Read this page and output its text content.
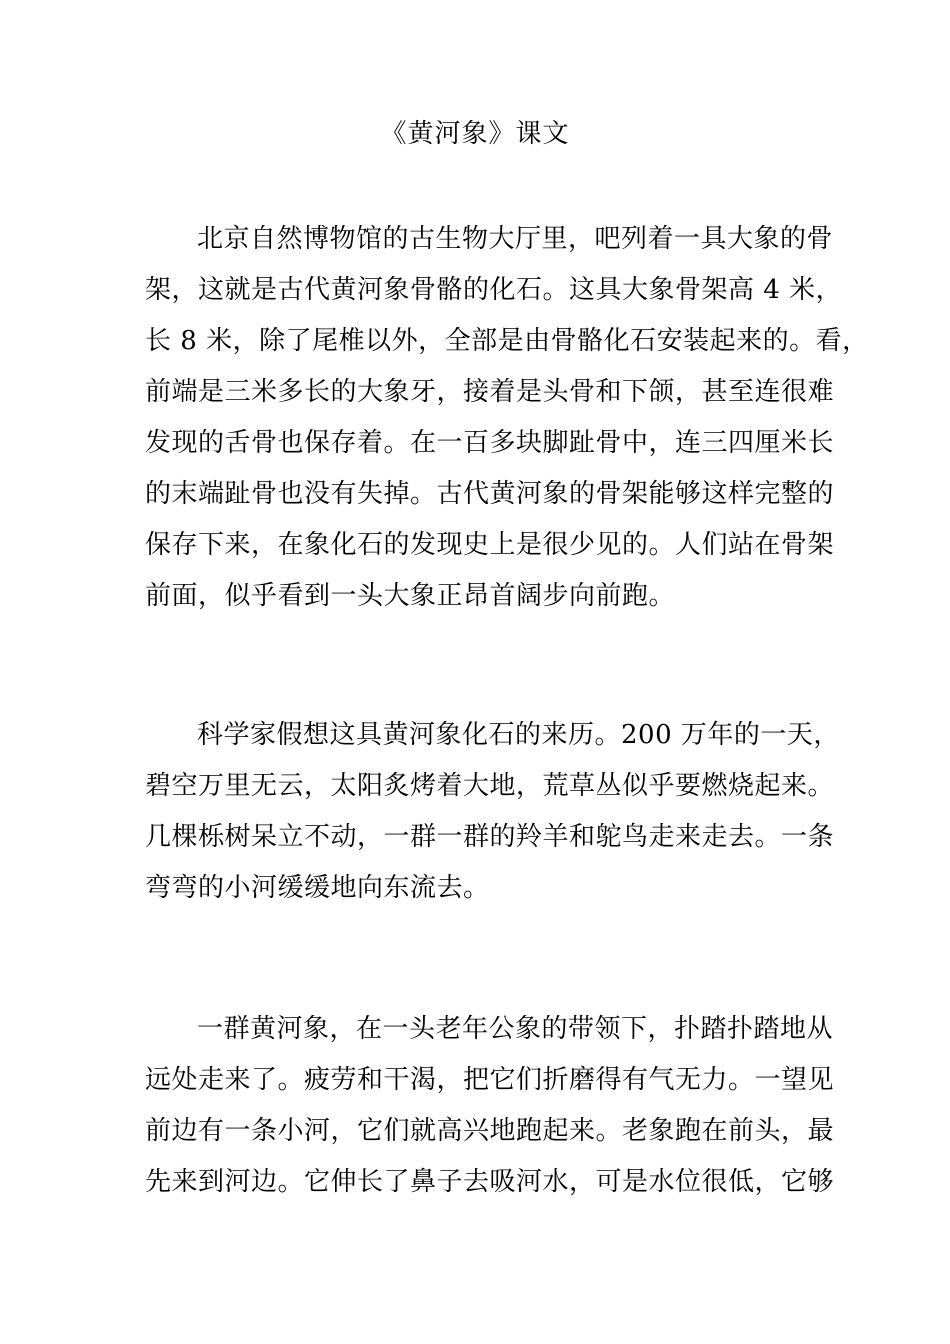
《黄河象》课文

北京自然博物馆的古生物大厅里，吧列着一具大象的骨
架，这就是古代黄河象骨骼的化石。这具大象骨架高 4 米，
长 8 米，除了尾椎以外，全部是由骨骼化石安装起来的。看，
前端是三米多长的大象牙，接着是头骨和下颌，甚至连很难
发现的舌骨也保存着。在一百多块脚趾骨中，连三四厘米长
的末端趾骨也没有失掉。古代黄河象的骨架能够这样完整的
保存下来，在象化石的发现史上是很少见的。人们站在骨架
前面，似乎看到一头大象正昂首阔步向前跑。

科学家假想这具黄河象化石的来历。200 万年的一天，
碧空万里无云，太阳炙烤着大地，荒草丛似乎要燃烧起来。
几棵栎树呆立不动，一群一群的羚羊和鸵鸟走来走去。一条
弯弯的小河缓缓地向东流去。

一群黄河象，在一头老年公象的带领下，扑踏扑踏地从
远处走来了。疲劳和干渴，把它们折磨得有气无力。一望见
前边有一条小河，它们就高兴地跑起来。老象跑在前头，最
先来到河边。它伸长了鼻子去吸河水，可是水位很低，它够
